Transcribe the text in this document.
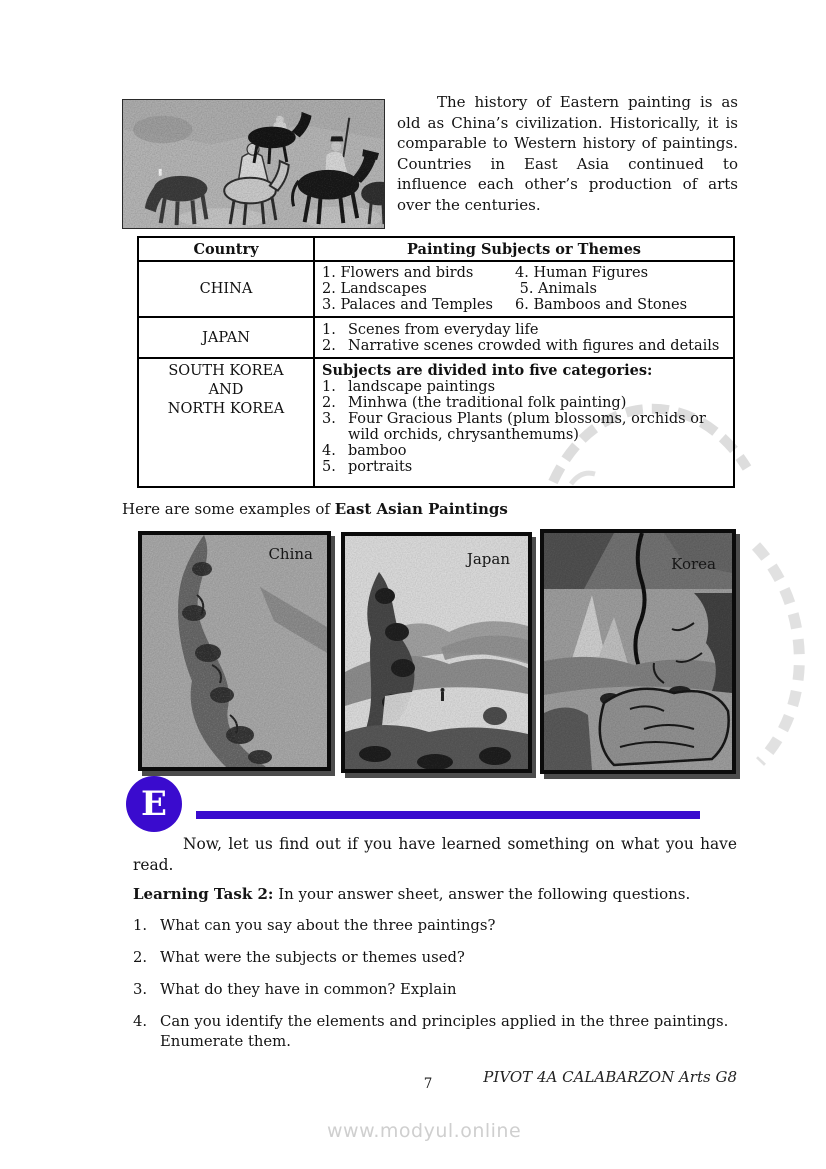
The history of Eastern painting is as old as China’s civilization. Historically, it is comparable to Western history of paintings. Countries in East Asia continued to influence each other’s production of arts over the centuries.
Country	Painting Subjects or Themes
CHINA	
1. Flowers and birds	4. Human Figures
2. Landscapes	5. Animals
3. Palaces and Temples	6. Bamboos and Stones

JAPAN	1. Scenes from everyday life
2. Narrative scenes crowded with figures and details

SOUTH KOREA
AND
NORTH KOREA

Subjects are divided into five categories:
1. landscape paintings
2. Minhwa (the traditional folk painting)
3. Four Gracious Plants (plum blossoms, orchids or wild orchids, chrysanthemums)
4. bamboo
5. portraits
Here are some examples of East Asian Paintings
China	Japan	Korea
E
Now, let us find out if you have learned something on what you have read.
Learning Task 2: In your answer sheet, answer the following questions.
1. What can you say about the three paintings?
2. What were the subjects or themes used?
3. What do they have in common? Explain
4. Can you identify the elements and principles applied in the three paintings. Enumerate them.
7	PIVOT 4A CALABARZON Arts G8
www.modyul.online
